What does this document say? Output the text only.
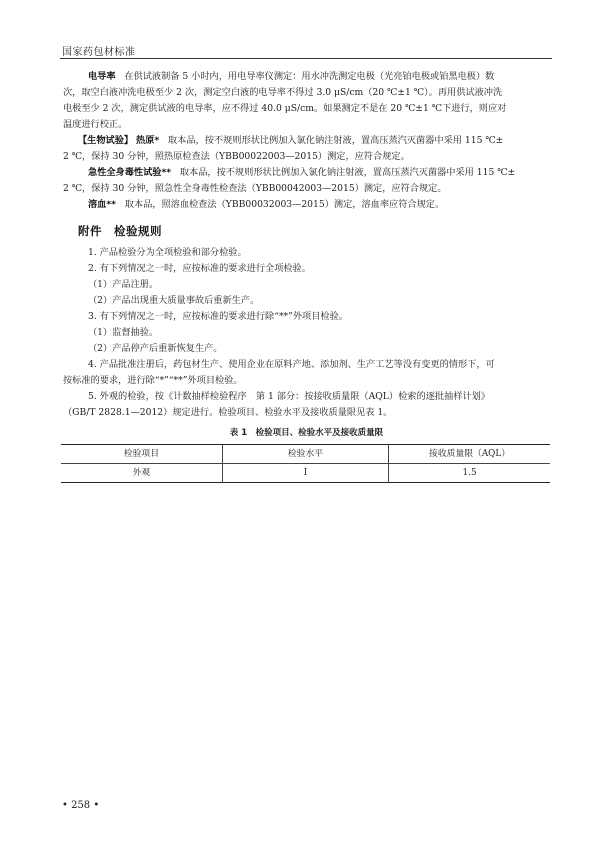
国家药包材标准

电导率 在供试液制备 5 小时内，用电导率仪测定：用水冲洗测定电极（光亮铂电极或铂黑电极）数

次，取空白液冲洗电极至少 2 次，测定空白液的电导率不得过 3.0 μS/cm（20 ℃±1 ℃）。再用供试液冲洗

电极至少 2 次，测定供试液的电导率，应不得过 40.0 μS/cm。如果测定不是在 20 ℃±1 ℃下进行，则应对

温度进行校正。

【生物试验】 热原* 取本品，按不规则形状比例加入氯化钠注射液，置高压蒸汽灭菌器中采用 115 ℃±

2 ℃，保持 30 分钟，照热原检查法（YBB00022003—2015）测定，应符合规定。

急性全身毒性试验** 取本品，按不规则形状比例加入氯化钠注射液，置高压蒸汽灭菌器中采用 115 ℃±

2 ℃，保持 30 分钟，照急性全身毒性检查法（YBB00042003—2015）测定，应符合规定。

溶血** 取本品，照溶血检查法（YBB00032003—2015）测定，溶血率应符合规定。

附件 检验规则

1. 产品检验分为全项检验和部分检验。

2. 有下列情况之一时，应按标准的要求进行全项检验。

（1）产品注册。

（2）产品出现重大质量事故后重新生产。

3. 有下列情况之一时，应按标准的要求进行除“**”外项目检验。

（1）监督抽验。

（2）产品停产后重新恢复生产。

4. 产品批准注册后，药包材生产、使用企业在原料产地、添加剂、生产工艺等没有变更的情形下，可

按标准的要求，进行除“*”“**”外项目检验。

5. 外观的检验，按《计数抽样检验程序　第 1 部分：按接收质量限（AQL）检索的逐批抽样计划》

（GB/T 2828.1—2012）规定进行。检验项目、检验水平及接收质量限见表 1。

表 1　检验项目、检验水平及接收质量限
检验项目	检验水平	接收质量限（AQL）
外观	Ⅰ	1.5
• 258 •
